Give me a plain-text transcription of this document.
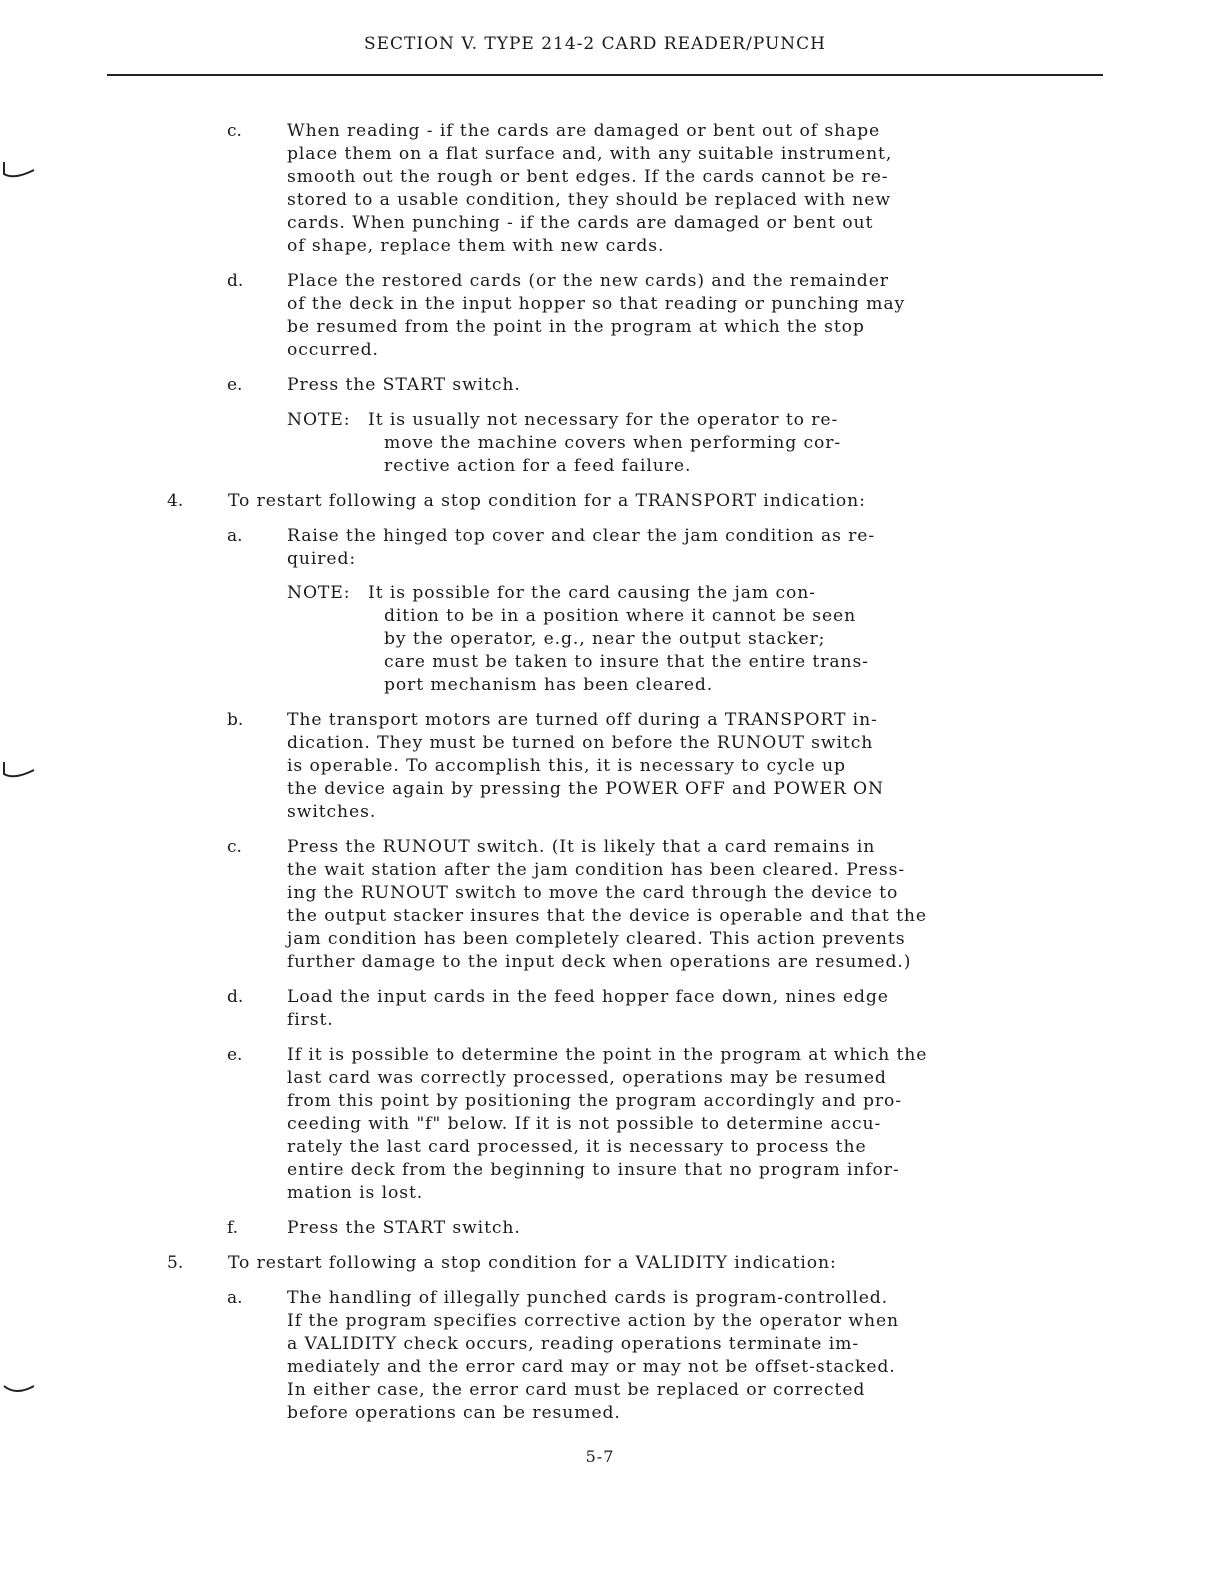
SECTION V. TYPE 214-2 CARD READER/PUNCH
c.	When reading - if the cards are damaged or bent out of shape
place them on a flat surface and, with any suitable instrument,
smooth out the rough or bent edges. If the cards cannot be re-
stored to a usable condition, they should be replaced with new
cards. When punching - if the cards are damaged or bent out
of shape, replace them with new cards.
d.	Place the restored cards (or the new cards) and the remainder
of the deck in the input hopper so that reading or punching may
be resumed from the point in the program at which the stop
occurred.
e.	Press the START switch.
NOTE: It is usually not necessary for the operator to re-
move the machine covers when performing cor-
rective action for a feed failure.
4.	To restart following a stop condition for a TRANSPORT indication:
a.	Raise the hinged top cover and clear the jam condition as re-
quired:
NOTE: It is possible for the card causing the jam con-
dition to be in a position where it cannot be seen
by the operator, e.g., near the output stacker;
care must be taken to insure that the entire trans-
port mechanism has been cleared.
b.	The transport motors are turned off during a TRANSPORT in-
dication. They must be turned on before the RUNOUT switch
is operable. To accomplish this, it is necessary to cycle up
the device again by pressing the POWER OFF and POWER ON
switches.
c.	Press the RUNOUT switch. (It is likely that a card remains in
the wait station after the jam condition has been cleared. Press-
ing the RUNOUT switch to move the card through the device to
the output stacker insures that the device is operable and that the
jam condition has been completely cleared. This action prevents
further damage to the input deck when operations are resumed.)
d.	Load the input cards in the feed hopper face down, nines edge
first.
e.	If it is possible to determine the point in the program at which the
last card was correctly processed, operations may be resumed
from this point by positioning the program accordingly and pro-
ceeding with "f" below. If it is not possible to determine accu-
rately the last card processed, it is necessary to process the
entire deck from the beginning to insure that no program infor-
mation is lost.
f.	Press the START switch.
5.	To restart following a stop condition for a VALIDITY indication:
a.	The handling of illegally punched cards is program-controlled.
If the program specifies corrective action by the operator when
a VALIDITY check occurs, reading operations terminate im-
mediately and the error card may or may not be offset-stacked.
In either case, the error card must be replaced or corrected
before operations can be resumed.
5-7
